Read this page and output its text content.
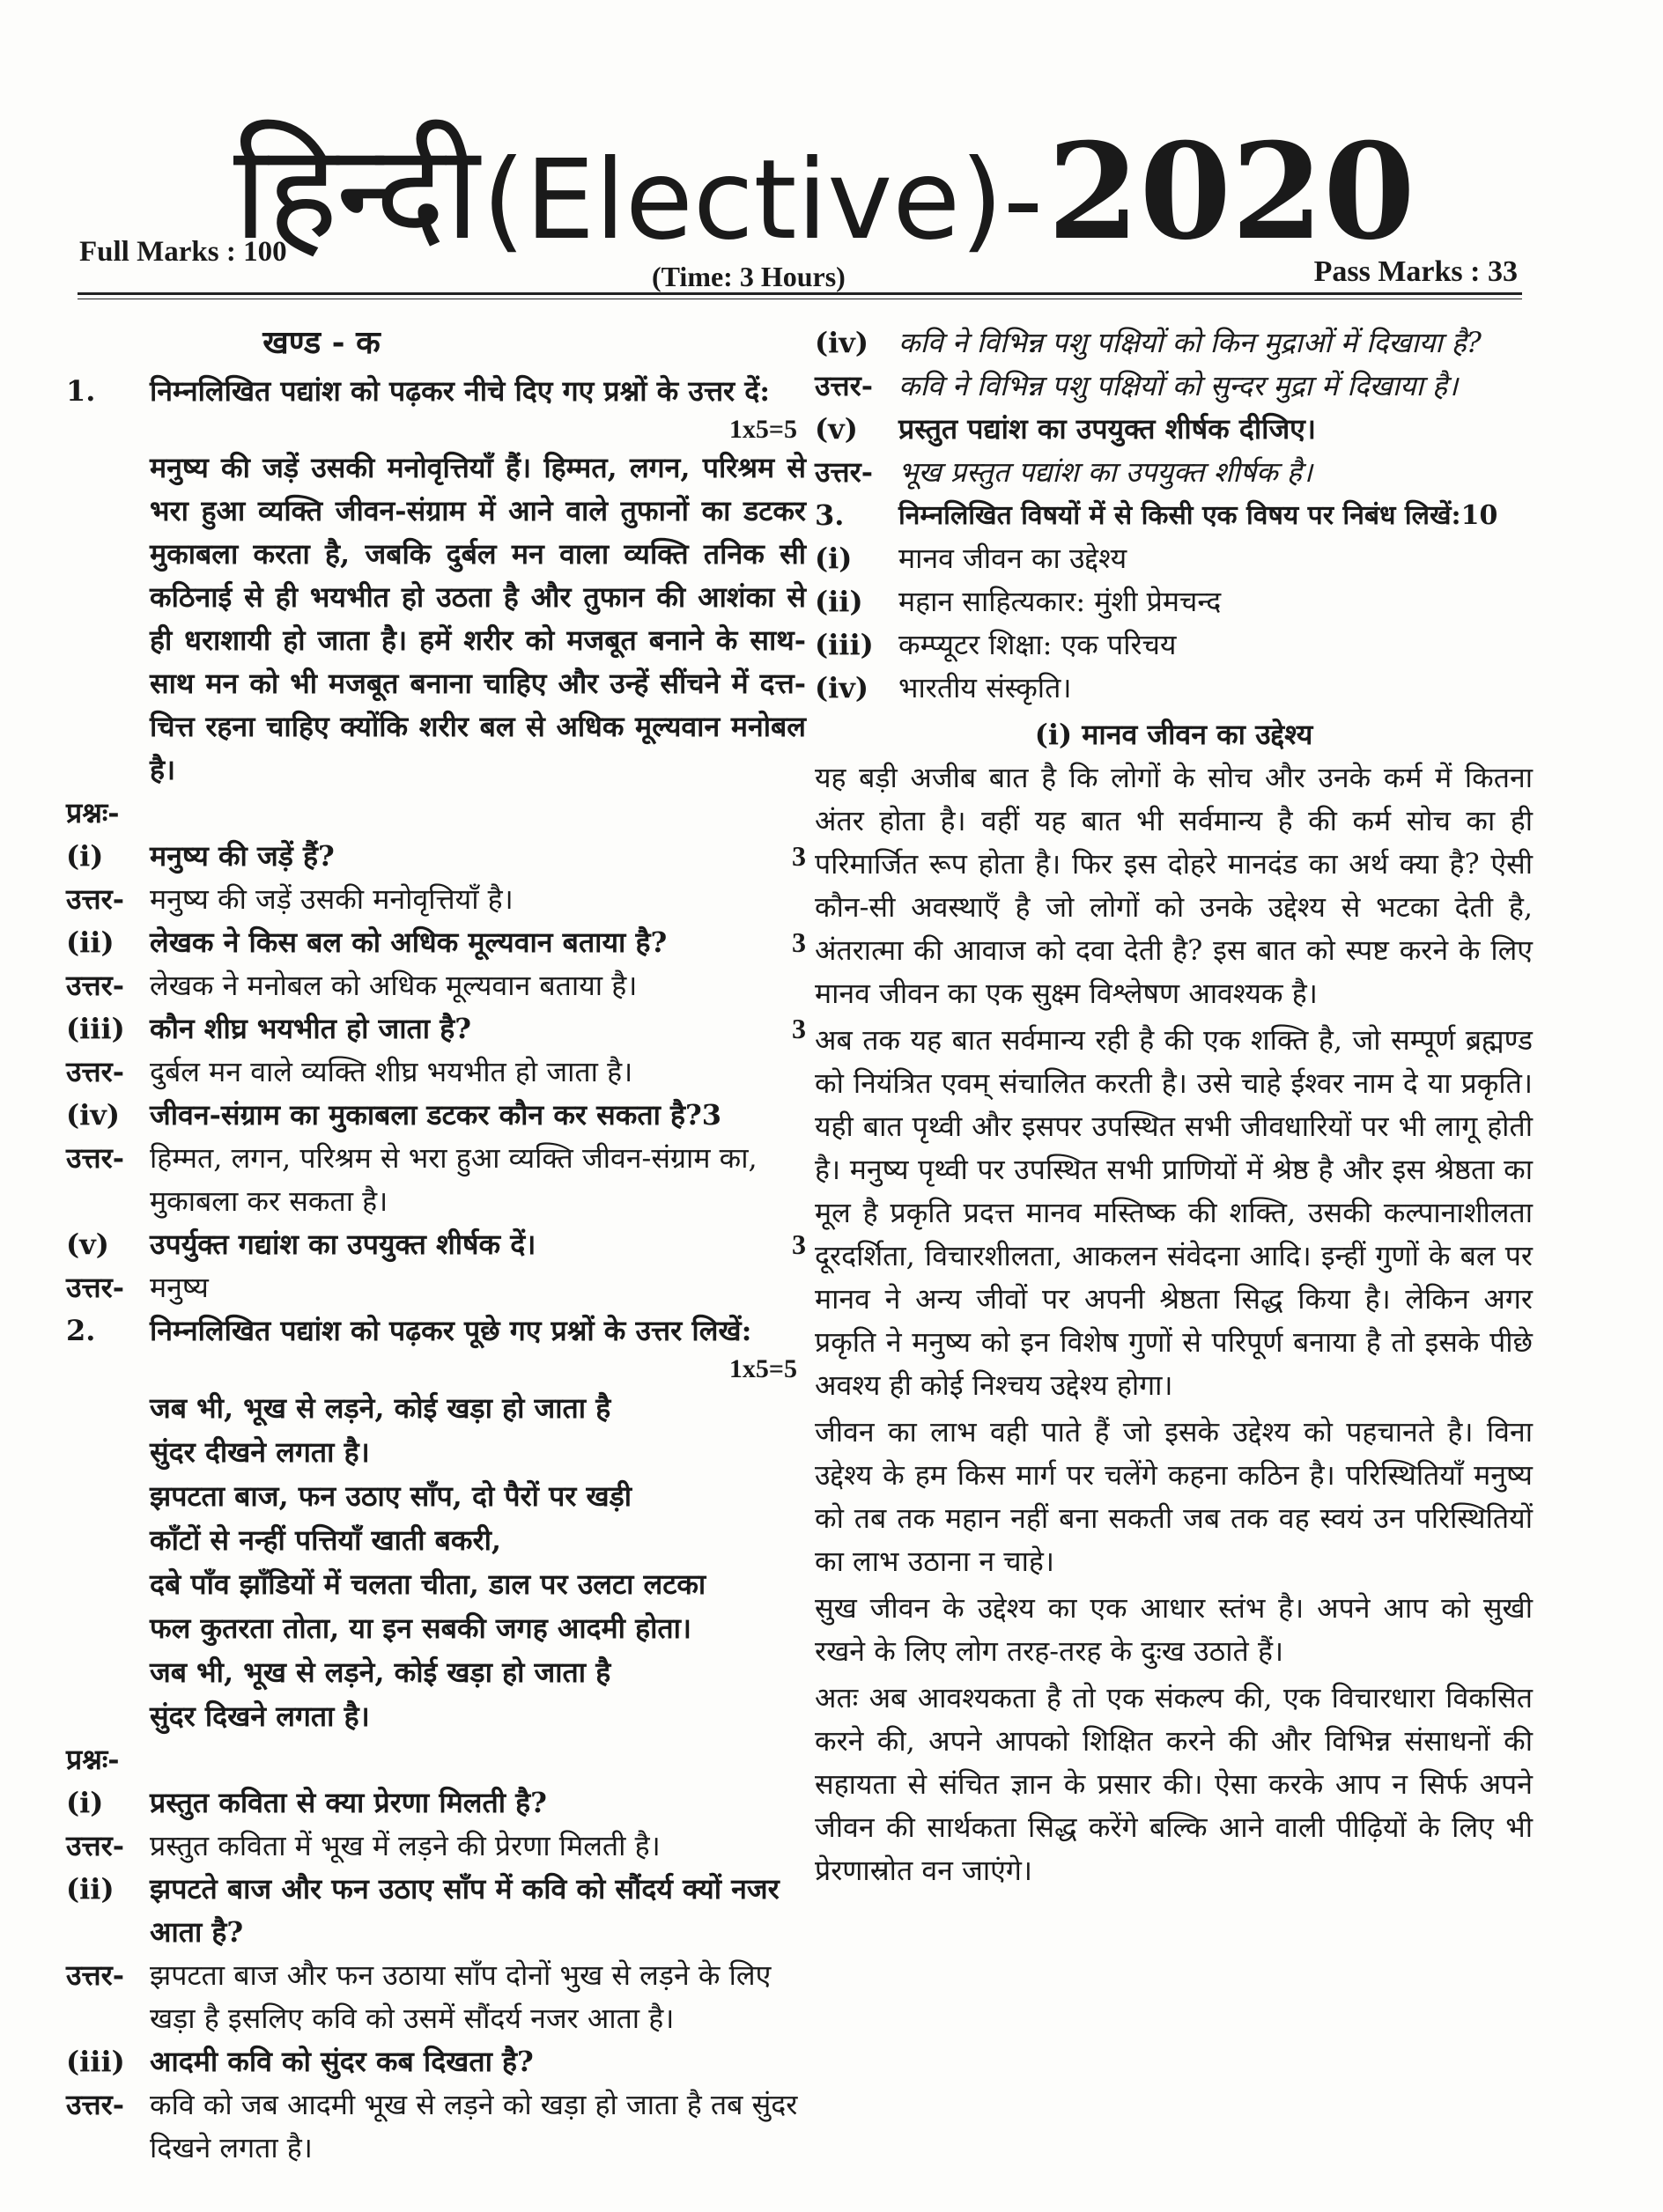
हिन्दी (Elective)- 2020
Full Marks : 100
(Time: 3 Hours)	Pass Marks : 33
खण्ड - क
1.	निम्नलिखित पद्यांश को पढ़कर नीचे दिए गए प्रश्नों के उत्तर दें:
1x5=5
मनुष्य की जड़ें उसकी मनोवृत्तियाँ हैं। हिम्मत, लगन, परिश्रम से भरा हुआ व्यक्ति जीवन-संग्राम में आने वाले तुफानों का डटकर मुकाबला करता है, जबकि दुर्बल मन वाला व्यक्ति तनिक सी कठिनाई से ही भयभीत हो उठता है और तुफान की आशंका से ही धराशायी हो जाता है। हमें शरीर को मजबूत बनाने के साथ-साथ मन को भी मजबूत बनाना चाहिए और उन्हें सींचने में दत्त-चित्त रहना चाहिए क्योंकि शरीर बल से अधिक मूल्यवान मनोबल है।
प्रश्नः-
(i)	मनुष्य की जड़ें हैं?	3
उत्तर- मनुष्य की जड़ें उसकी मनोवृत्तियाँ है।
(ii)	लेखक ने किस बल को अधिक मूल्यवान बताया है?	3
उत्तर- लेखक ने मनोबल को अधिक मूल्यवान बताया है।
(iii) कौन शीघ्र भयभीत हो जाता है?	3
उत्तर- दुर्बल मन वाले व्यक्ति शीघ्र भयभीत हो जाता है।
(iv)	जीवन-संग्राम का मुकाबला डटकर कौन कर सकता है?3
उत्तर- हिम्मत, लगन, परिश्रम से भरा हुआ व्यक्ति जीवन-संग्राम का, मुकाबला कर सकता है।
(v)	उपर्युक्त गद्यांश का उपयुक्त शीर्षक दें।	3
उत्तर- मनुष्य
2.	निम्नलिखित पद्यांश को पढ़कर पूछे गए प्रश्नों के उत्तर लिखें:
1x5=5
जब भी, भूख से लड़ने, कोई खड़ा हो जाता है
सुंदर दीखने लगता है।
झपटता बाज, फन उठाए साँप, दो पैरों पर खड़ी
काँटों से नन्हीं पत्तियाँ खाती बकरी,
दबे पाँव झाँडियों में चलता चीता, डाल पर उलटा लटका
फल कुतरता तोता, या इन सबकी जगह आदमी होता।
जब भी, भूख से लड़ने, कोई खड़ा हो जाता है
सुंदर दिखने लगता है।
प्रश्नः-
(i)	प्रस्तुत कविता से क्या प्रेरणा मिलती है?
उत्तर- प्रस्तुत कविता में भूख में लड़ने की प्रेरणा मिलती है।
(ii)	झपटते बाज और फन उठाए साँप में कवि को सौंदर्य क्यों नजर आता है?
उत्तर- झपटता बाज और फन उठाया साँप दोनों भुख से लड़ने के लिए खड़ा है इसलिए कवि को उसमें सौंदर्य नजर आता है।
(iii) आदमी कवि को सुंदर कब दिखता है?
उत्तर- कवि को जब आदमी भूख से लड़ने को खड़ा हो जाता है तब सुंदर दिखने लगता है।
(iv)	कवि ने विभिन्न पशु पक्षियों को किन मुद्राओं में दिखाया है?
उत्तर- कवि ने विभिन्न पशु पक्षियों को सुन्दर मुद्रा में दिखाया है।
(v)	प्रस्तुत पद्यांश का उपयुक्त शीर्षक दीजिए।
उत्तर- भूख प्रस्तुत पद्यांश का उपयुक्त शीर्षक है।
3.	निम्नलिखित विषयों में से किसी एक विषय पर निबंध लिखें:10
(i)	मानव जीवन का उद्देश्य
(ii)	महान साहित्यकार: मुंशी प्रेमचन्द
(iii) कम्प्यूटर शिक्षा: एक परिचय
(iv)	भारतीय संस्कृति।
(i) मानव जीवन का उद्देश्य

यह बड़ी अजीब बात है कि लोगों के सोच और उनके कर्म में कितना अंतर होता है। वहीं यह बात भी सर्वमान्य है की कर्म सोच का ही परिमार्जित रूप होता है। फिर इस दोहरे मानदंड का अर्थ क्या है? ऐसी कौन-सी अवस्थाएँ है जो लोगों को उनके उद्देश्य से भटका देती है, अंतरात्मा की आवाज को दवा देती है? इस बात को स्पष्ट करने के लिए मानव जीवन का एक सुक्ष्म विश्लेषण आवश्यक है।

अब तक यह बात सर्वमान्य रही है की एक शक्ति है, जो सम्पूर्ण ब्रह्मण्ड को नियंत्रित एवम् संचालित करती है। उसे चाहे ईश्वर नाम दे या प्रकृति। यही बात पृथ्वी और इसपर उपस्थित सभी जीवधारियों पर भी लागू होती है। मनुष्य पृथ्वी पर उपस्थित सभी प्राणियों में श्रेष्ठ है और इस श्रेष्ठता का मूल है प्रकृति प्रदत्त मानव मस्तिष्क की शक्ति, उसकी कल्पानाशीलता दूरदर्शिता, विचारशीलता, आकलन संवेदना आदि। इन्हीं गुणों के बल पर मानव ने अन्य जीवों पर अपनी श्रेष्ठता सिद्ध किया है। लेकिन अगर प्रकृति ने मनुष्य को इन विशेष गुणों से परिपूर्ण बनाया है तो इसके पीछे अवश्य ही कोई निश्चय उद्देश्य होगा।

जीवन का लाभ वही पाते हैं जो इसके उद्देश्य को पहचानते है। विना उद्देश्य के हम किस मार्ग पर चलेंगे कहना कठिन है। परिस्थितियाँ मनुष्य को तब तक महान नहीं बना सकती जब तक वह स्वयं उन परिस्थितियों का लाभ उठाना न चाहे।

सुख जीवन के उद्देश्य का एक आधार स्तंभ है। अपने आप को सुखी रखने के लिए लोग तरह-तरह के दुःख उठाते हैं।

अतः अब आवश्यकता है तो एक संकल्प की, एक विचारधारा विकसित करने की, अपने आपको शिक्षित करने की और विभिन्न संसाधनों की सहायता से संचित ज्ञान के प्रसार की। ऐसा करके आप न सिर्फ अपने जीवन की सार्थकता सिद्ध करेंगे बल्कि आने वाली पीढ़ियों के लिए भी प्रेरणास्रोत वन जाएंगे।
